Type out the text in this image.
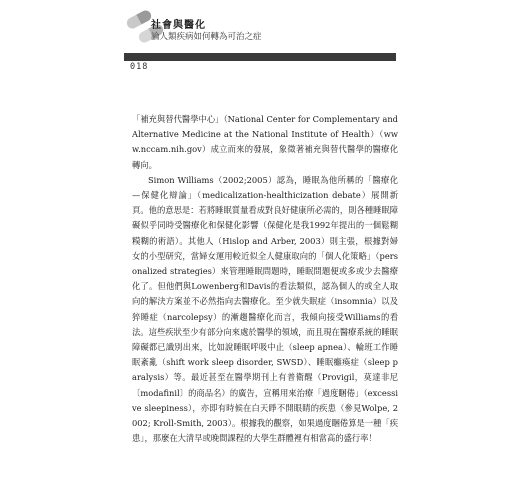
社會與醫化
論人類疾病如何轉為可治之症
018

「補充與替代醫學中心」（National Center for Complementary and Alternative Medicine at the National Institute of Health）（www.nccam.nih.gov）成立而來的發展，象徵著補充與替代醫學的醫療化轉向。

Simon Williams（2002;2005）認為，睡眠為他所稱的「醫療化—保健化辯論」（medicalization-healthicization debate）展開新頁。他的意思是：若將睡眠質量看成對良好健康所必需的，則各種睡眠障礙似乎同時受醫療化和保健化影響（保健化是我1992年提出的一個鬆糊糢糊的術語）。其他人（Hislop and Arber, 2003）則主張，根據對婦女的小型研究，當婦女運用較近似全人健康取向的「個人化策略」（personalized strategies）來管理睡眠問題時，睡眠問題便或多或少去醫療化了。但他們與Lowenberg和Davis的看法類似，認為個人的或全人取向的解決方案並不必然指向去醫療化。至少就失眠症（insomnia）以及猝睡症（narcolepsy）的漸趨醫療化而言，我傾向接受Williams的看法。這些疾狀至少有部分向來處於醫學的領域，而且現在醫療系統的睡眠障礙都已識別出來，比如說睡眠呼吸中止（sleep apnea）、輪班工作睡眠紊亂（shift work sleep disorder, SWSD）、睡眠癱瘓症（sleep paralysis）等。最近甚至在醫學期刊上有普衛醒（Provigil，莫達非尼〔modafinil〕的商品名）的廣告，宣稱用來治療「過度睏倦」（excessive sleepiness），亦即有時候在白天睜不開眼睛的疾患（參見Wolpe, 2002; Kroll-Smith, 2003）。根據我的觀察，如果過度睏倦算是一種「疾患」，那麼在大清早或晚間課程的大學生群體裡有相當高的盛行率！
